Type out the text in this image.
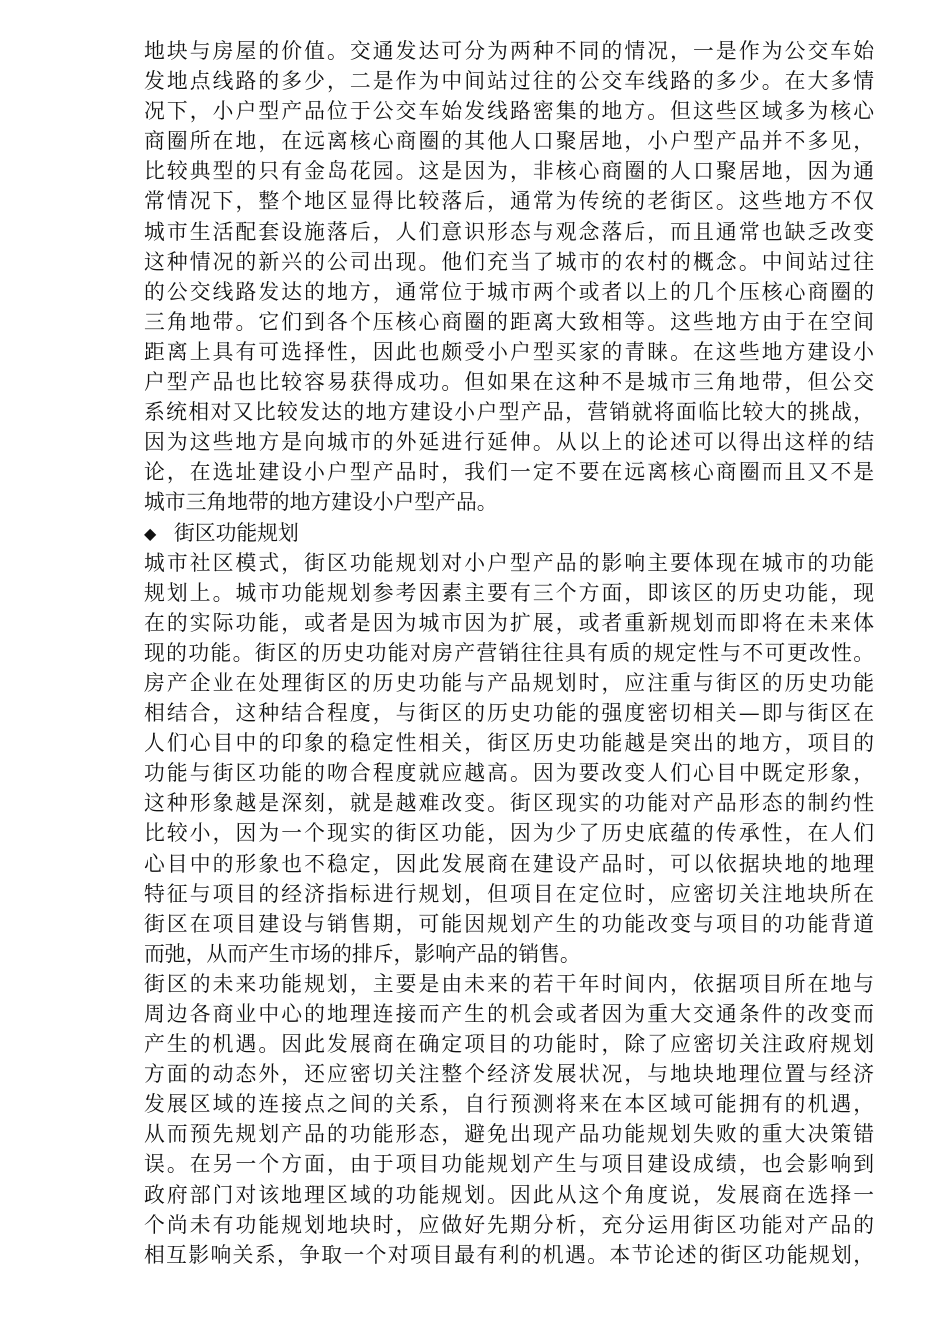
地块与房屋的价值。交通发达可分为两种不同的情况，一是作为公交车始
发地点线路的多少，二是作为中间站过往的公交车线路的多少。在大多情
况下，小户型产品位于公交车始发线路密集的地方。但这些区域多为核心
商圈所在地，在远离核心商圈的其他人口聚居地，小户型产品并不多见，
比较典型的只有金岛花园。这是因为，非核心商圈的人口聚居地，因为通
常情况下，整个地区显得比较落后，通常为传统的老街区。这些地方不仅
城市生活配套设施落后，人们意识形态与观念落后，而且通常也缺乏改变
这种情况的新兴的公司出现。他们充当了城市的农村的概念。中间站过往
的公交线路发达的地方，通常位于城市两个或者以上的几个压核心商圈的
三角地带。它们到各个压核心商圈的距离大致相等。这些地方由于在空间
距离上具有可选择性，因此也颇受小户型买家的青睐。在这些地方建设小
户型产品也比较容易获得成功。但如果在这种不是城市三角地带，但公交
系统相对又比较发达的地方建设小户型产品，营销就将面临比较大的挑战，
因为这些地方是向城市的外延进行延伸。从以上的论述可以得出这样的结
论，在选址建设小户型产品时，我们一定不要在远离核心商圈而且又不是
城市三角地带的地方建设小户型产品。
◆ 街区功能规划
城市社区模式，街区功能规划对小户型产品的影响主要体现在城市的功能
规划上。城市功能规划参考因素主要有三个方面，即该区的历史功能，现
在的实际功能，或者是因为城市因为扩展，或者重新规划而即将在未来体
现的功能。街区的历史功能对房产营销往往具有质的规定性与不可更改性。
房产企业在处理街区的历史功能与产品规划时，应注重与街区的历史功能
相结合，这种结合程度，与街区的历史功能的强度密切相关—即与街区在
人们心目中的印象的稳定性相关，街区历史功能越是突出的地方，项目的
功能与街区功能的吻合程度就应越高。因为要改变人们心目中既定形象，
这种形象越是深刻，就是越难改变。街区现实的功能对产品形态的制约性
比较小，因为一个现实的街区功能，因为少了历史底蕴的传承性，在人们
心目中的形象也不稳定，因此发展商在建设产品时，可以依据块地的地理
特征与项目的经济指标进行规划，但项目在定位时，应密切关注地块所在
街区在项目建设与销售期，可能因规划产生的功能改变与项目的功能背道
而弛，从而产生市场的排斥，影响产品的销售。
街区的未来功能规划，主要是由未来的若干年时间内，依据项目所在地与
周边各商业中心的地理连接而产生的机会或者因为重大交通条件的改变而
产生的机遇。因此发展商在确定项目的功能时，除了应密切关注政府规划
方面的动态外，还应密切关注整个经济发展状况，与地块地理位置与经济
发展区域的连接点之间的关系，自行预测将来在本区域可能拥有的机遇，
从而预先规划产品的功能形态，避免出现产品功能规划失败的重大决策错
误。在另一个方面，由于项目功能规划产生与项目建设成绩，也会影响到
政府部门对该地理区域的功能规划。因此从这个角度说，发展商在选择一
个尚未有功能规划地块时，应做好先期分析，充分运用街区功能对产品的
相互影响关系，争取一个对项目最有利的机遇。本节论述的街区功能规划，
